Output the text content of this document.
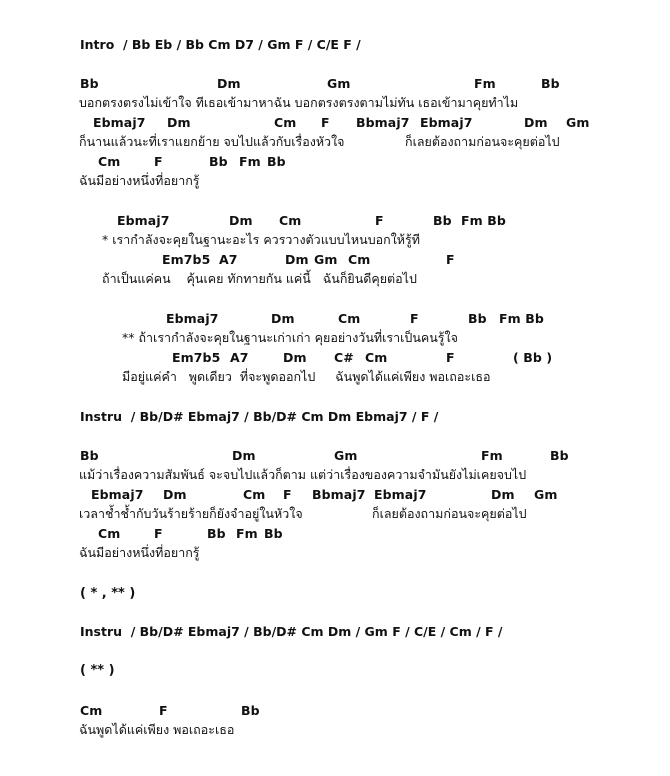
Intro  / Bb Eb / Bb Cm D7 / Gm F / C/E F /
Bb	Dm	Gm	Fm	Bb
บอกตรงตรงไม่เข้าใจ ทีเธอเข้ามาหาฉัน บอกตรงตรงตามไม่ทัน เธอเข้ามาคุยทำไม
Ebmaj7 Dm	Cm F Bbmaj7 Ebmaj7	Dm Gm
ก็นานแล้วนะที่เราแยกย้าย จบไปแล้วกับเรื่องหัวใจ	ก็เลยต้องถามก่อนจะคุยต่อไป
Cm	F	Bb Fm Bb
ฉันมีอย่างหนึ่งที่อยากรู้
Ebmaj7	Dm Cm	F	Bb Fm Bb
* เรากำลังจะคุยในฐานะอะไร ควรวางตัวแบบไหนบอกให้รู้ที
Em7b5 A7	Dm Gm Cm	F
ถ้าเป็นแค่คน    คุ้นเคย ทักทายกัน แค่นี้   ฉันก็ยินดีคุยต่อไป
Ebmaj7	Dm	Cm	F	Bb Fm Bb
** ถ้าเรากำลังจะคุยในฐานะเก่าเก่า คุยอย่างวันที่เราเป็นคนรู้ใจ
Em7b5 A7	Dm C# Cm	F	( Bb )
มีอยู่แค่คำ   พูดเดียว  ที่จะพูดออกไป     ฉันพูดได้แค่เพียง พอเถอะเธอ
Instru  / Bb/D# Ebmaj7 / Bb/D# Cm Dm Ebmaj7 / F /
Bb	Dm	Gm	Fm	Bb
แม้ว่าเรื่องความสัมพันธ์ จะจบไปแล้วก็ตาม แต่ว่าเรื่องของความจำมันยังไม่เคยจบไป
Ebmaj7 Dm	Cm F Bbmaj7 Ebmaj7	Dm Gm
เวลาช้ำช้ำกับวันร้ายร้ายก็ยังจำอยู่ในหัวใจ	ก็เลยต้องถามก่อนจะคุยต่อไป
Cm	F	Bb Fm Bb
ฉันมีอย่างหนึ่งที่อยากรู้
( * , ** )
Instru  / Bb/D# Ebmaj7 / Bb/D# Cm Dm / Gm F / C/E / Cm / F /
( ** )
Cm	F	Bb
ฉันพูดได้แค่เพียง พอเถอะเธอ
